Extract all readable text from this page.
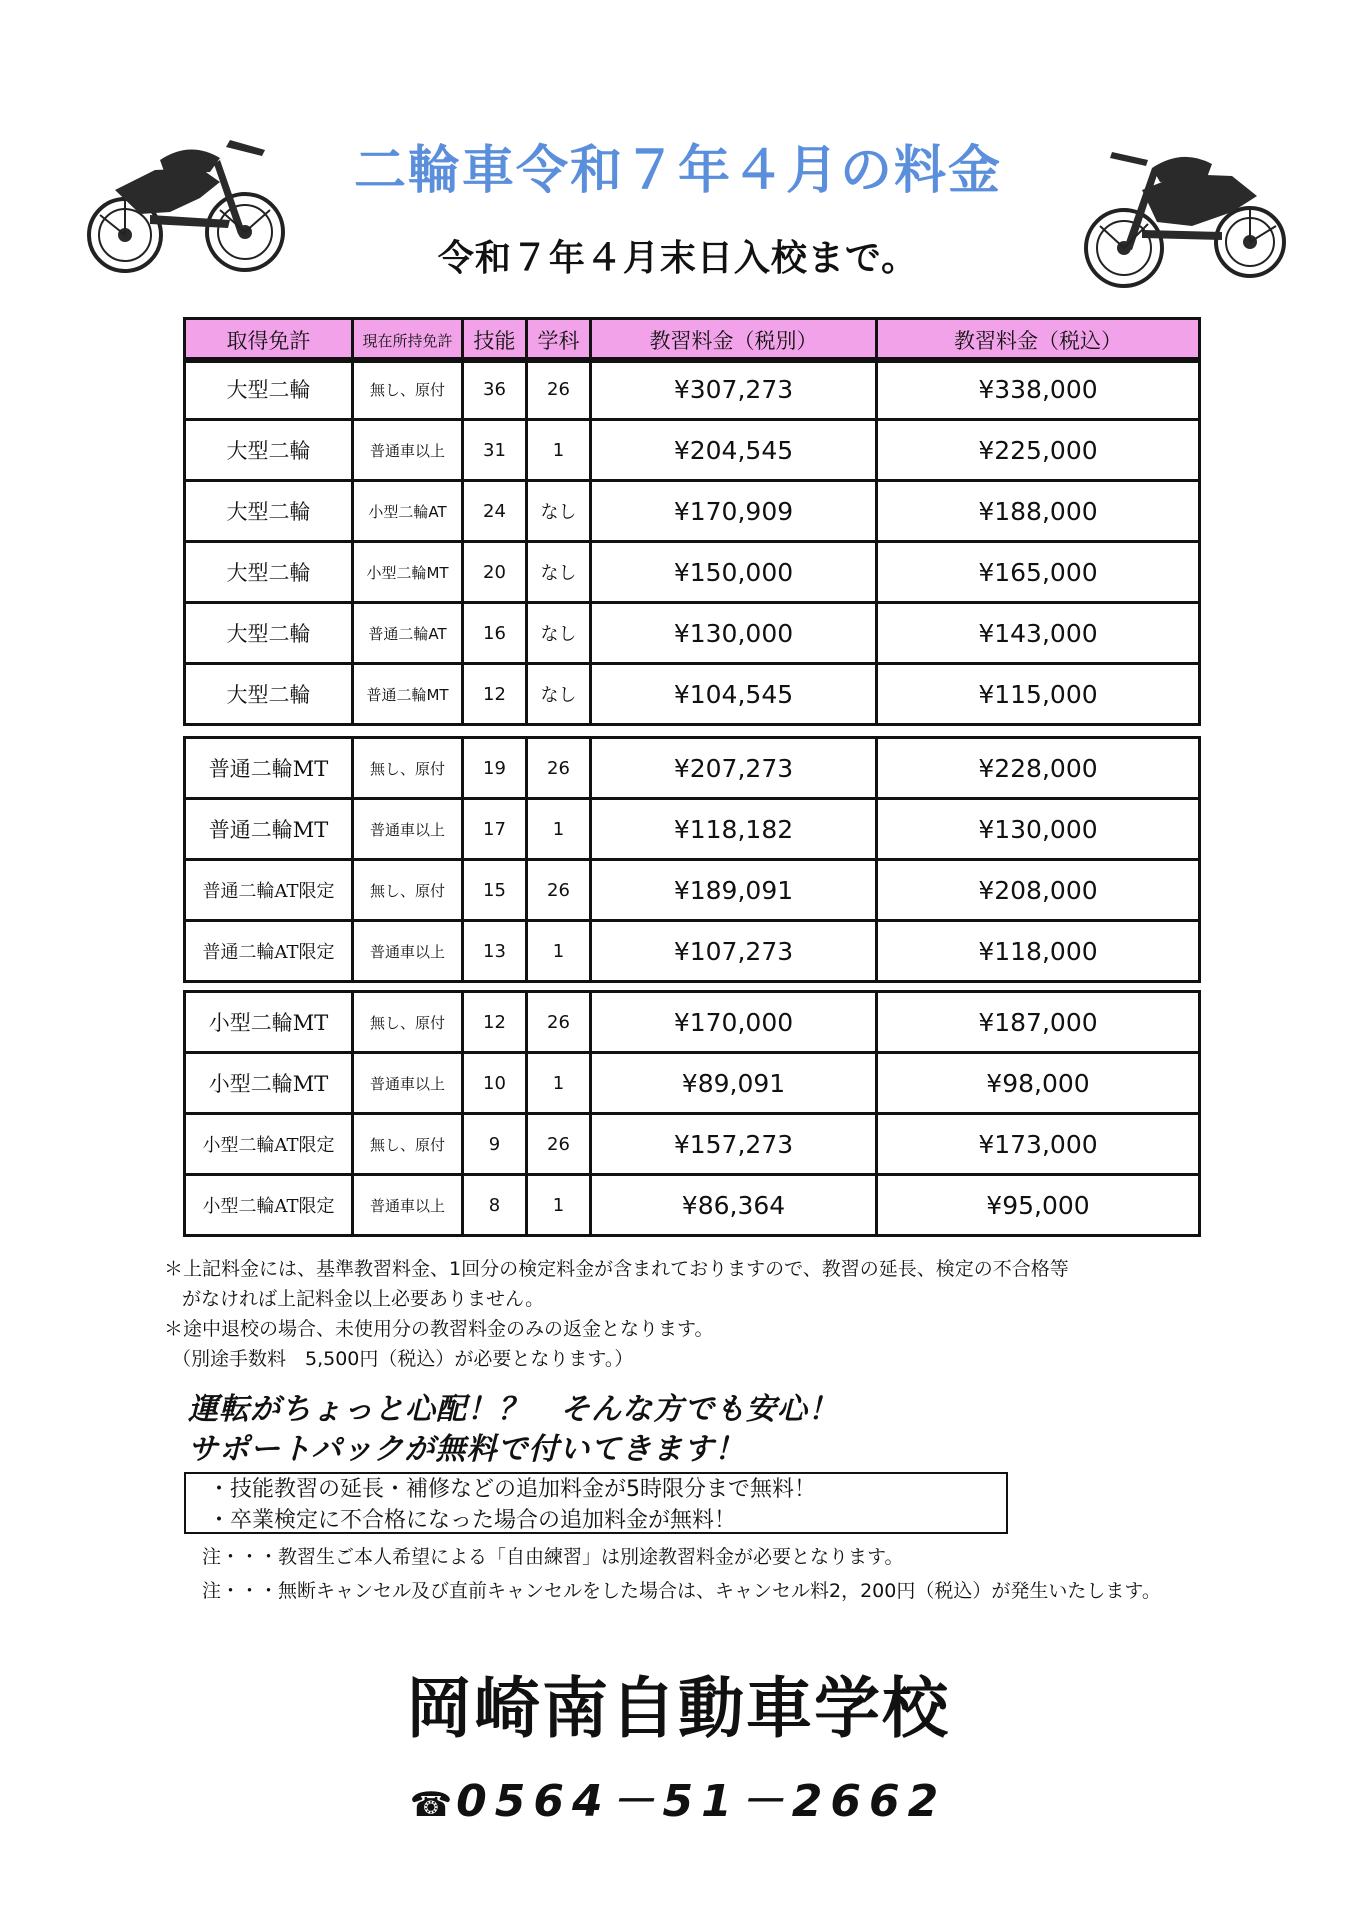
二輪車令和７年４月の料金
令和７年４月末日入校まで。
取得免許	現在所持免許	技能	学科	教習料金（税別）	教習料金（税込）
大型二輪	無し、原付	36	26	¥307,273	¥338,000
大型二輪	普通車以上	31	1	¥204,545	¥225,000
大型二輪	小型二輪AT	24	なし	¥170,909	¥188,000
大型二輪	小型二輪MT	20	なし	¥150,000	¥165,000
大型二輪	普通二輪AT	16	なし	¥130,000	¥143,000
大型二輪	普通二輪MT	12	なし	¥104,545	¥115,000
普通二輪MT	無し、原付	19	26	¥207,273	¥228,000
普通二輪MT	普通車以上	17	1	¥118,182	¥130,000
普通二輪AT限定	無し、原付	15	26	¥189,091	¥208,000
普通二輪AT限定	普通車以上	13	1	¥107,273	¥118,000
小型二輪MT	無し、原付	12	26	¥170,000	¥187,000
小型二輪MT	普通車以上	10	1	¥89,091	¥98,000
小型二輪AT限定	無し、原付	9	26	¥157,273	¥173,000
小型二輪AT限定	普通車以上	8	1	¥86,364	¥95,000
＊上記料金には、基準教習料金、1回分の検定料金が含まれておりますので、教習の延長、検定の不合格等
がなければ上記料金以上必要ありません。
＊途中退校の場合、未使用分の教習料金のみの返金となります。
（別途手数料　5,500円（税込）が必要となります。）
運転がちょっと心配！？　そんな方でも安心！
サポートパックが無料で付いてきます！
・技能教習の延長・補修などの追加料金が5時限分まで無料！
・卒業検定に不合格になった場合の追加料金が無料！
注・・・教習生ご本人希望による「自由練習」は別途教習料金が必要となります。
注・・・無断キャンセル及び直前キャンセルをした場合は、キャンセル料2，200円（税込）が発生いたします。
岡崎南自動車学校
☎0564－51－2662
